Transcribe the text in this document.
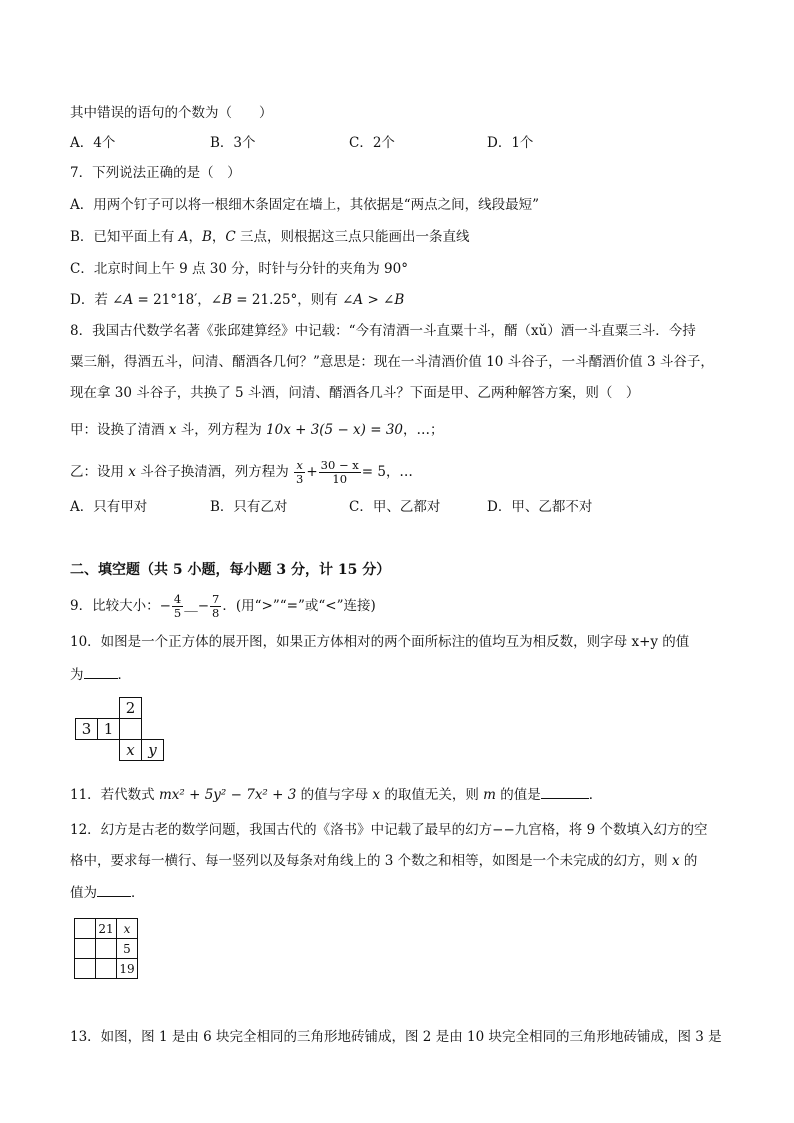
其中错误的语句的个数为（　　）
A．4个	B．3个	C．2个	D．1个
7．下列说法正确的是（　）
A．用两个钉子可以将一根细木条固定在墙上，其依据是“两点之间，线段最短”
B．已知平面上有 A，B，C 三点，则根据这三点只能画出一条直线
C．北京时间上午 9 点 30 分，时针与分针的夹角为 90°
D．若 ∠A = 21°18′，∠B = 21.25°，则有 ∠A > ∠B
8．我国古代数学名著《张邱建算经》中记载：“今有清酒一斗直粟十斗，醑（xǔ）酒一斗直粟三斗．今持
粟三斛，得酒五斗，问清、醑酒各几何？”意思是：现在一斗清酒价值 10 斗谷子，一斗醑酒价值 3 斗谷子，
现在拿 30 斗谷子，共换了 5 斗酒，问清、醑酒各几斗？下面是甲、乙两种解答方案，则（　）
甲：设换了清酒 x 斗，列方程为 10x + 3(5 − x) = 30，…；
乙：设用 x 斗谷子换清酒，列方程为 $\frac{x}{3} + \frac{30 - x}{10} = 5$，…
A．只有甲对	B．只有乙对	C．甲、乙都对	D．甲、乙都不对
二、填空题（共 5 小题，每小题 3 分，计 15 分）
9．比较大小：− $\frac{4}{5}$ ＿− $\frac{7}{8}$ ．(用“>”“=”或“<”连接)
10．如图是一个正方体的展开图，如果正方体相对的两个面所标注的值均互为相反数，则字母 x+y 的值
为	．
		2	
3	1		
		x	y
11．若代数式 mx² + 5y² − 7x² + 3 的值与字母 x 的取值无关，则 m 的值是	．
12．幻方是古老的数学问题，我国古代的《洛书》中记载了最早的幻方−−九宫格，将 9 个数填入幻方的空
格中，要求每一横行、每一竖列以及每条对角线上的 3 个数之和相等，如图是一个未完成的幻方，则 x 的
值为	．
	21	x
		5
		19
13．如图，图 1 是由 6 块完全相同的三角形地砖铺成，图 2 是由 10 块完全相同的三角形地砖铺成，图 3 是
